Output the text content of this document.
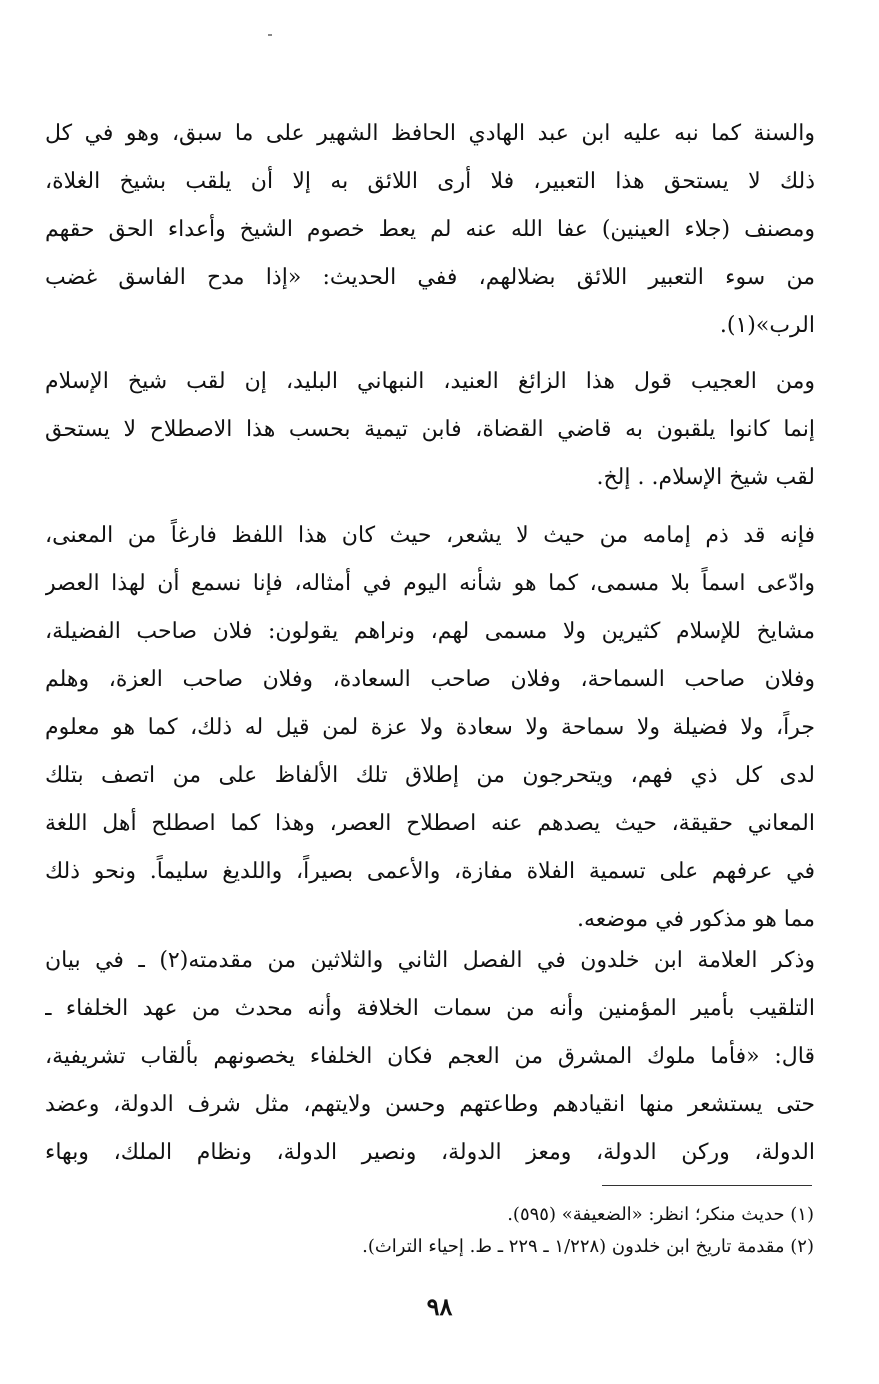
والسنة كما نبه عليه ابن عبد الهادي الحافظ الشهير على ما سبق، وهو في كل
ذلك لا يستحق هذا التعبير، فلا أرى اللائق به إلا أن يلقب بشيخ الغلاة،
ومصنف (جلاء العينين) عفا الله عنه لم يعط خصوم الشيخ وأعداء الحق حقهم
من سوء التعبير اللائق بضلالهم، ففي الحديث: «إذا مدح الفاسق غضب
الرب»(١).
ومن العجيب قول هذا الزائغ العنيد، النبهاني البليد، إن لقب شيخ الإسلام
إنما كانوا يلقبون به قاضي القضاة، فابن تيمية بحسب هذا الاصطلاح لا يستحق
لقب شيخ الإسلام. . إلخ.
فإنه قد ذم إمامه من حيث لا يشعر، حيث كان هذا اللفظ فارغاً من المعنى،
وادّعى اسماً بلا مسمى، كما هو شأنه اليوم في أمثاله، فإنا نسمع أن لهذا العصر
مشايخ للإسلام كثيرين ولا مسمى لهم، ونراهم يقولون: فلان صاحب الفضيلة،
وفلان صاحب السماحة، وفلان صاحب السعادة، وفلان صاحب العزة، وهلم
جراً، ولا فضيلة ولا سماحة ولا سعادة ولا عزة لمن قيل له ذلك، كما هو معلوم
لدى كل ذي فهم، ويتحرجون من إطلاق تلك الألفاظ على من اتصف بتلك
المعاني حقيقة، حيث يصدهم عنه اصطلاح العصر، وهذا كما اصطلح أهل اللغة
في عرفهم على تسمية الفلاة مفازة، والأعمى بصيراً، واللديغ سليماً. ونحو ذلك
مما هو مذكور في موضعه.
وذكر العلامة ابن خلدون في الفصل الثاني والثلاثين من مقدمته(٢) ـ في بيان
التلقيب بأمير المؤمنين وأنه من سمات الخلافة وأنه محدث من عهد الخلفاء ـ
قال: «فأما ملوك المشرق من العجم فكان الخلفاء يخصونهم بألقاب تشريفية،
حتى يستشعر منها انقيادهم وطاعتهم وحسن ولايتهم، مثل شرف الدولة، وعضد
الدولة، وركن الدولة، ومعز الدولة، ونصير الدولة، ونظام الملك، وبهاء
(١) حديث منكر؛ انظر: «الضعيفة» (٥٩٥).
(٢) مقدمة تاريخ ابن خلدون (١/٢٢٨ ـ ٢٢٩ ـ ط. إحياء التراث).
٩٨
